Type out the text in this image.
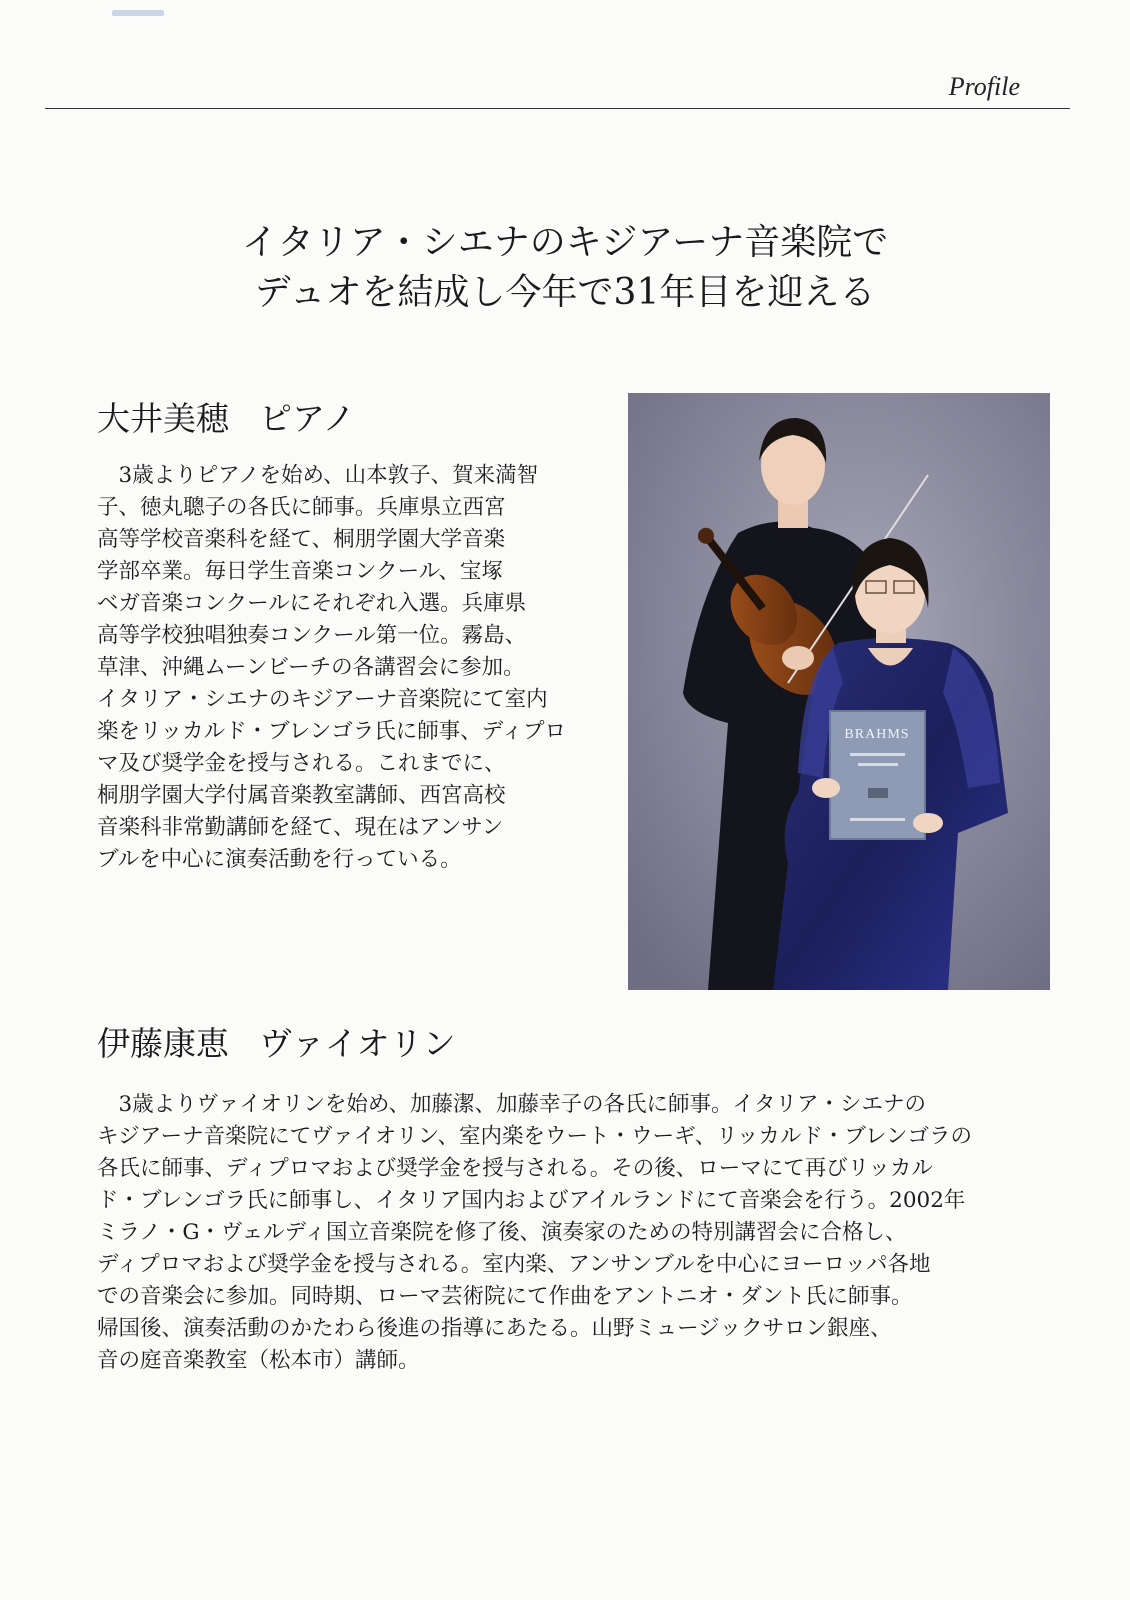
Profile
イタリア・シエナのキジアーナ音楽院で
デュオを結成し今年で31年目を迎える
大井美穂 ピアノ
　3歳よりピアノを始め、山本敦子、賀来満智
子、徳丸聰子の各氏に師事。兵庫県立西宮
高等学校音楽科を経て、桐朋学園大学音楽
学部卒業。毎日学生音楽コンクール、宝塚
ベガ音楽コンクールにそれぞれ入選。兵庫県
高等学校独唱独奏コンクール第一位。霧島、
草津、沖縄ムーンビーチの各講習会に参加。
イタリア・シエナのキジアーナ音楽院にて室内
楽をリッカルド・ブレンゴラ氏に師事、ディプロ
マ及び奨学金を授与される。これまでに、
桐朋学園大学付属音楽教室講師、西宮高校
音楽科非常勤講師を経て、現在はアンサン
ブルを中心に演奏活動を行っている。
BRAHMS
伊藤康恵 ヴァイオリン
　3歳よりヴァイオリンを始め、加藤潔、加藤幸子の各氏に師事。イタリア・シエナの
キジアーナ音楽院にてヴァイオリン、室内楽をウート・ウーギ、リッカルド・ブレンゴラの
各氏に師事、ディプロマおよび奨学金を授与される。その後、ローマにて再びリッカル
ド・ブレンゴラ氏に師事し、イタリア国内およびアイルランドにて音楽会を行う。2002年
ミラノ・G・ヴェルディ国立音楽院を修了後、演奏家のための特別講習会に合格し、
ディプロマおよび奨学金を授与される。室内楽、アンサンブルを中心にヨーロッパ各地
での音楽会に参加。同時期、ローマ芸術院にて作曲をアントニオ・ダント氏に師事。
帰国後、演奏活動のかたわら後進の指導にあたる。山野ミュージックサロン銀座、
音の庭音楽教室（松本市）講師。
